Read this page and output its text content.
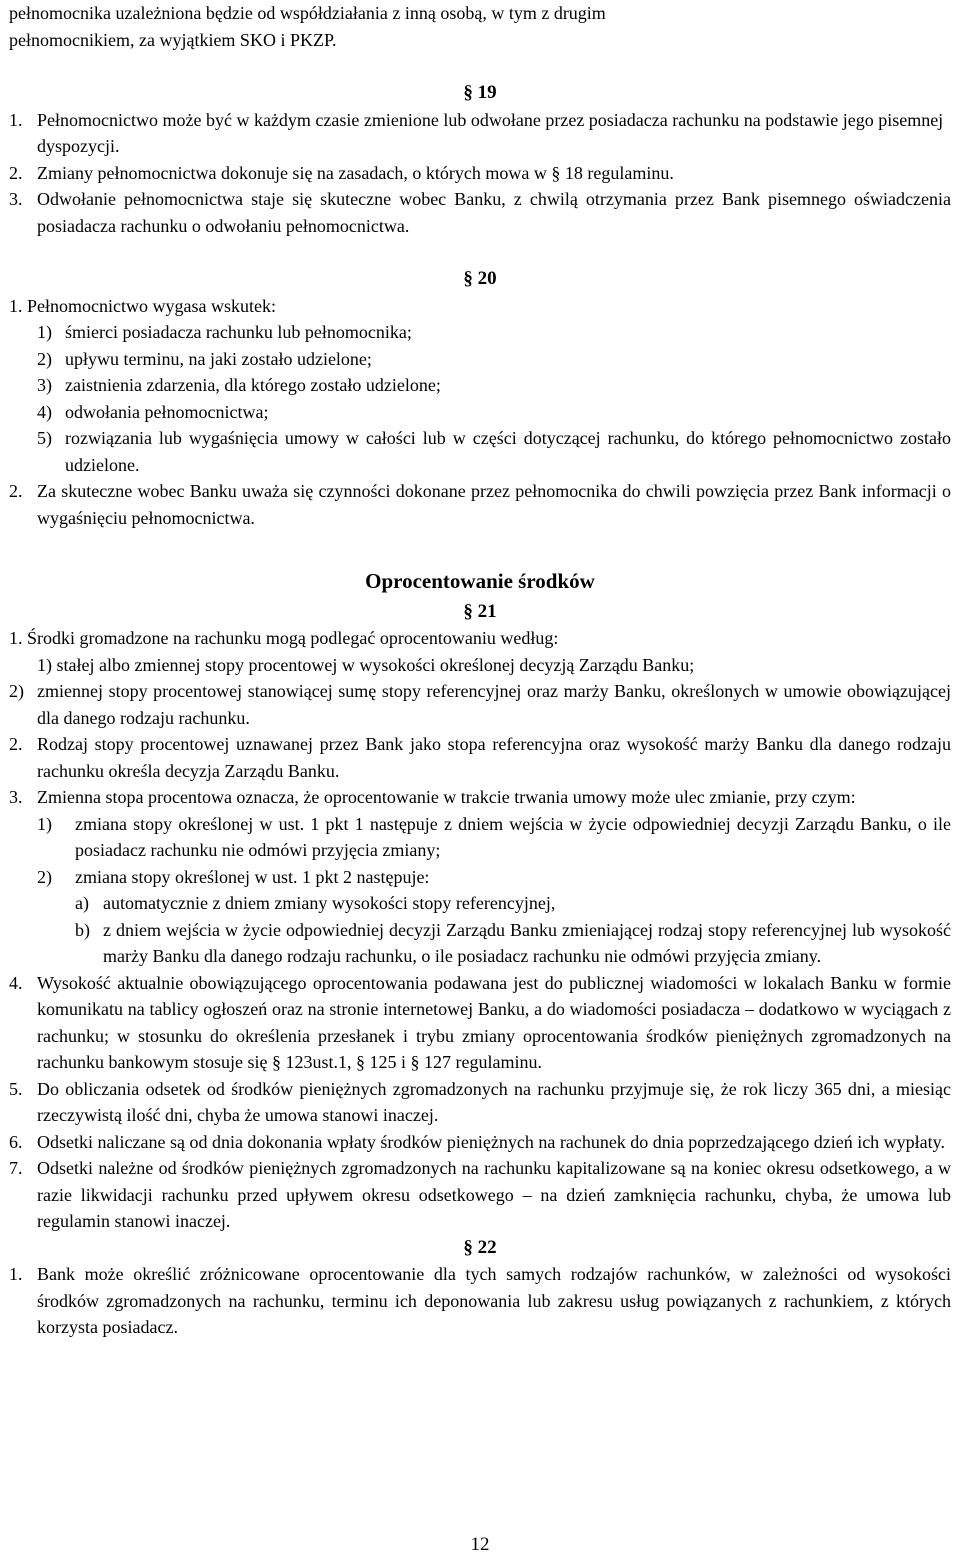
pełnomocnika uzależniona będzie od współdziałania z inną osobą, w tym z drugim

pełnomocnikiem, za wyjątkiem SKO i PKZP.

§ 19
1. Pełnomocnictwo może być w każdym czasie zmienione lub odwołane przez posiadacza rachunku na podstawie jego pisemnej dyspozycji.
2. Zmiany pełnomocnictwa dokonuje się na zasadach, o których mowa w § 18 regulaminu.
3. Odwołanie pełnomocnictwa staje się skuteczne wobec Banku, z chwilą otrzymania przez Bank pisemnego oświadczenia posiadacza rachunku o odwołaniu pełnomocnictwa.
§ 20

1. Pełnomocnictwo wygasa wskutek:

1) śmierci posiadacza rachunku lub pełnomocnika;
2) upływu terminu, na jaki zostało udzielone;
3) zaistnienia zdarzenia, dla którego zostało udzielone;
4) odwołania pełnomocnictwa;
5) rozwiązania lub wygaśnięcia umowy w całości lub w części dotyczącej rachunku, do którego pełnomocnictwo zostało udzielone.
2. Za skuteczne wobec Banku uważa się czynności dokonane przez pełnomocnika do chwili powzięcia przez Bank informacji o wygaśnięciu pełnomocnictwa.
Oprocentowanie środków
§ 21

1. Środki gromadzone na rachunku mogą podlegać oprocentowaniu według:

1) stałej albo zmiennej stopy procentowej w wysokości określonej decyzją Zarządu Banku;

2) zmiennej stopy procentowej stanowiącej sumę stopy referencyjnej oraz marży Banku, określonych w umowie obowiązującej dla danego rodzaju rachunku.
2. Rodzaj stopy procentowej uznawanej przez Bank jako stopa referencyjna oraz wysokość marży Banku dla danego rodzaju rachunku określa decyzja Zarządu Banku.
3. Zmienna stopa procentowa oznacza, że oprocentowanie w trakcie trwania umowy może ulec zmianie, przy czym:
1)	zmiana stopy określonej w ust. 1 pkt 1 następuje z dniem wejścia w życie odpowiedniej decyzji Zarządu Banku, o ile posiadacz rachunku nie odmówi przyjęcia zmiany;
2)	zmiana stopy określonej w ust. 1 pkt 2 następuje:
a) automatycznie z dniem zmiany wysokości stopy referencyjnej,
b) z dniem wejścia w życie odpowiedniej decyzji Zarządu Banku zmieniającej rodzaj stopy referencyjnej lub wysokość marży Banku dla danego rodzaju rachunku, o ile posiadacz rachunku nie odmówi przyjęcia zmiany.
4. Wysokość aktualnie obowiązującego oprocentowania podawana jest do publicznej wiadomości w lokalach Banku w formie komunikatu na tablicy ogłoszeń oraz na stronie internetowej Banku, a do wiadomości posiadacza – dodatkowo w wyciągach z rachunku; w stosunku do określenia przesłanek i trybu zmiany oprocentowania środków pieniężnych zgromadzonych na rachunku bankowym stosuje się § 123ust.1, § 125 i § 127 regulaminu.
5. Do obliczania odsetek od środków pieniężnych zgromadzonych na rachunku przyjmuje się, że rok liczy 365 dni, a miesiąc rzeczywistą ilość dni, chyba że umowa stanowi inaczej.
6. Odsetki naliczane są od dnia dokonania wpłaty środków pieniężnych na rachunek do dnia poprzedzającego dzień ich wypłaty.
7. Odsetki należne od środków pieniężnych zgromadzonych na rachunku kapitalizowane są na koniec okresu odsetkowego, a w razie likwidacji rachunku przed upływem okresu odsetkowego – na dzień zamknięcia rachunku, chyba, że umowa lub regulamin stanowi inaczej.
§ 22
1. Bank może określić zróżnicowane oprocentowanie dla tych samych rodzajów rachunków, w zależności od wysokości środków zgromadzonych na rachunku, terminu ich deponowania lub zakresu usług powiązanych z rachunkiem, z których korzysta posiadacz.
12
